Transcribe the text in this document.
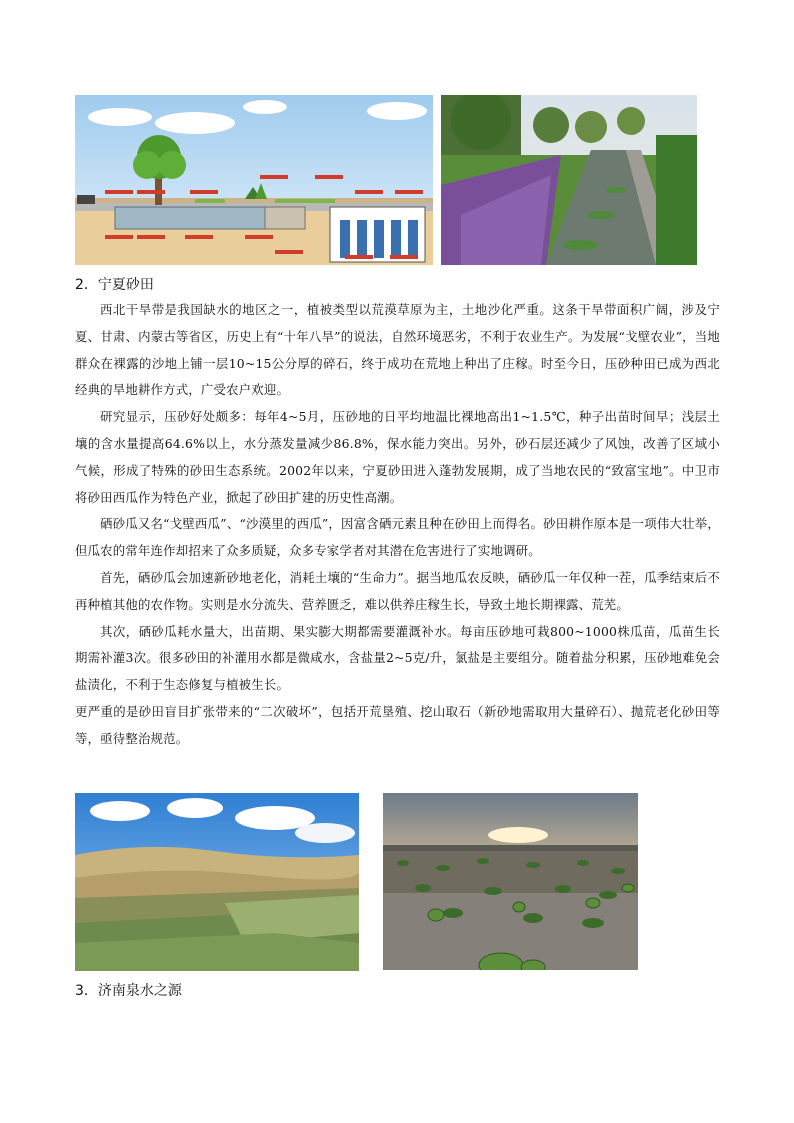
2．宁夏砂田

西北干旱带是我国缺水的地区之一，植被类型以荒漠草原为主，土地沙化严重。这条干旱带面积广阔，涉及宁夏、甘肃、内蒙古等省区，历史上有“十年八旱”的说法，自然环境恶劣，不利于农业生产。为发展“戈壁农业”，当地群众在裸露的沙地上铺一层10~15公分厚的碎石，终于成功在荒地上种出了庄稼。时至今日，压砂种田已成为西北经典的旱地耕作方式，广受农户欢迎。

研究显示，压砂好处颇多：每年4~5月，压砂地的日平均地温比裸地高出1~1.5℃，种子出苗时间早；浅层土壤的含水量提高64.6%以上，水分蒸发量减少86.8%，保水能力突出。另外，砂石层还减少了风蚀，改善了区域小气候，形成了特殊的砂田生态系统。2002年以来，宁夏砂田进入蓬勃发展期，成了当地农民的“致富宝地”。中卫市将砂田西瓜作为特色产业，掀起了砂田扩建的历史性高潮。

硒砂瓜又名“戈壁西瓜”、“沙漠里的西瓜”，因富含硒元素且种在砂田上而得名。砂田耕作原本是一项伟大壮举，但瓜农的常年连作却招来了众多质疑，众多专家学者对其潜在危害进行了实地调研。

首先，硒砂瓜会加速新砂地老化，消耗土壤的“生命力”。据当地瓜农反映，硒砂瓜一年仅种一茬，瓜季结束后不再种植其他的农作物。实则是水分流失、营养匮乏，难以供养庄稼生长，导致土地长期裸露、荒芜。

其次，硒砂瓜耗水量大，出苗期、果实膨大期都需要灌溉补水。每亩压砂地可栽800~1000株瓜苗，瓜苗生长期需补灌3次。很多砂田的补灌用水都是微咸水，含盐量2~5克/升，氯盐是主要组分。随着盐分积累，压砂地难免会盐渍化，不利于生态修复与植被生长。

更严重的是砂田盲目扩张带来的“二次破坏”，包括开荒垦殖、挖山取石（新砂地需取用大量碎石）、抛荒老化砂田等等，亟待整治规范。

3．济南泉水之源
